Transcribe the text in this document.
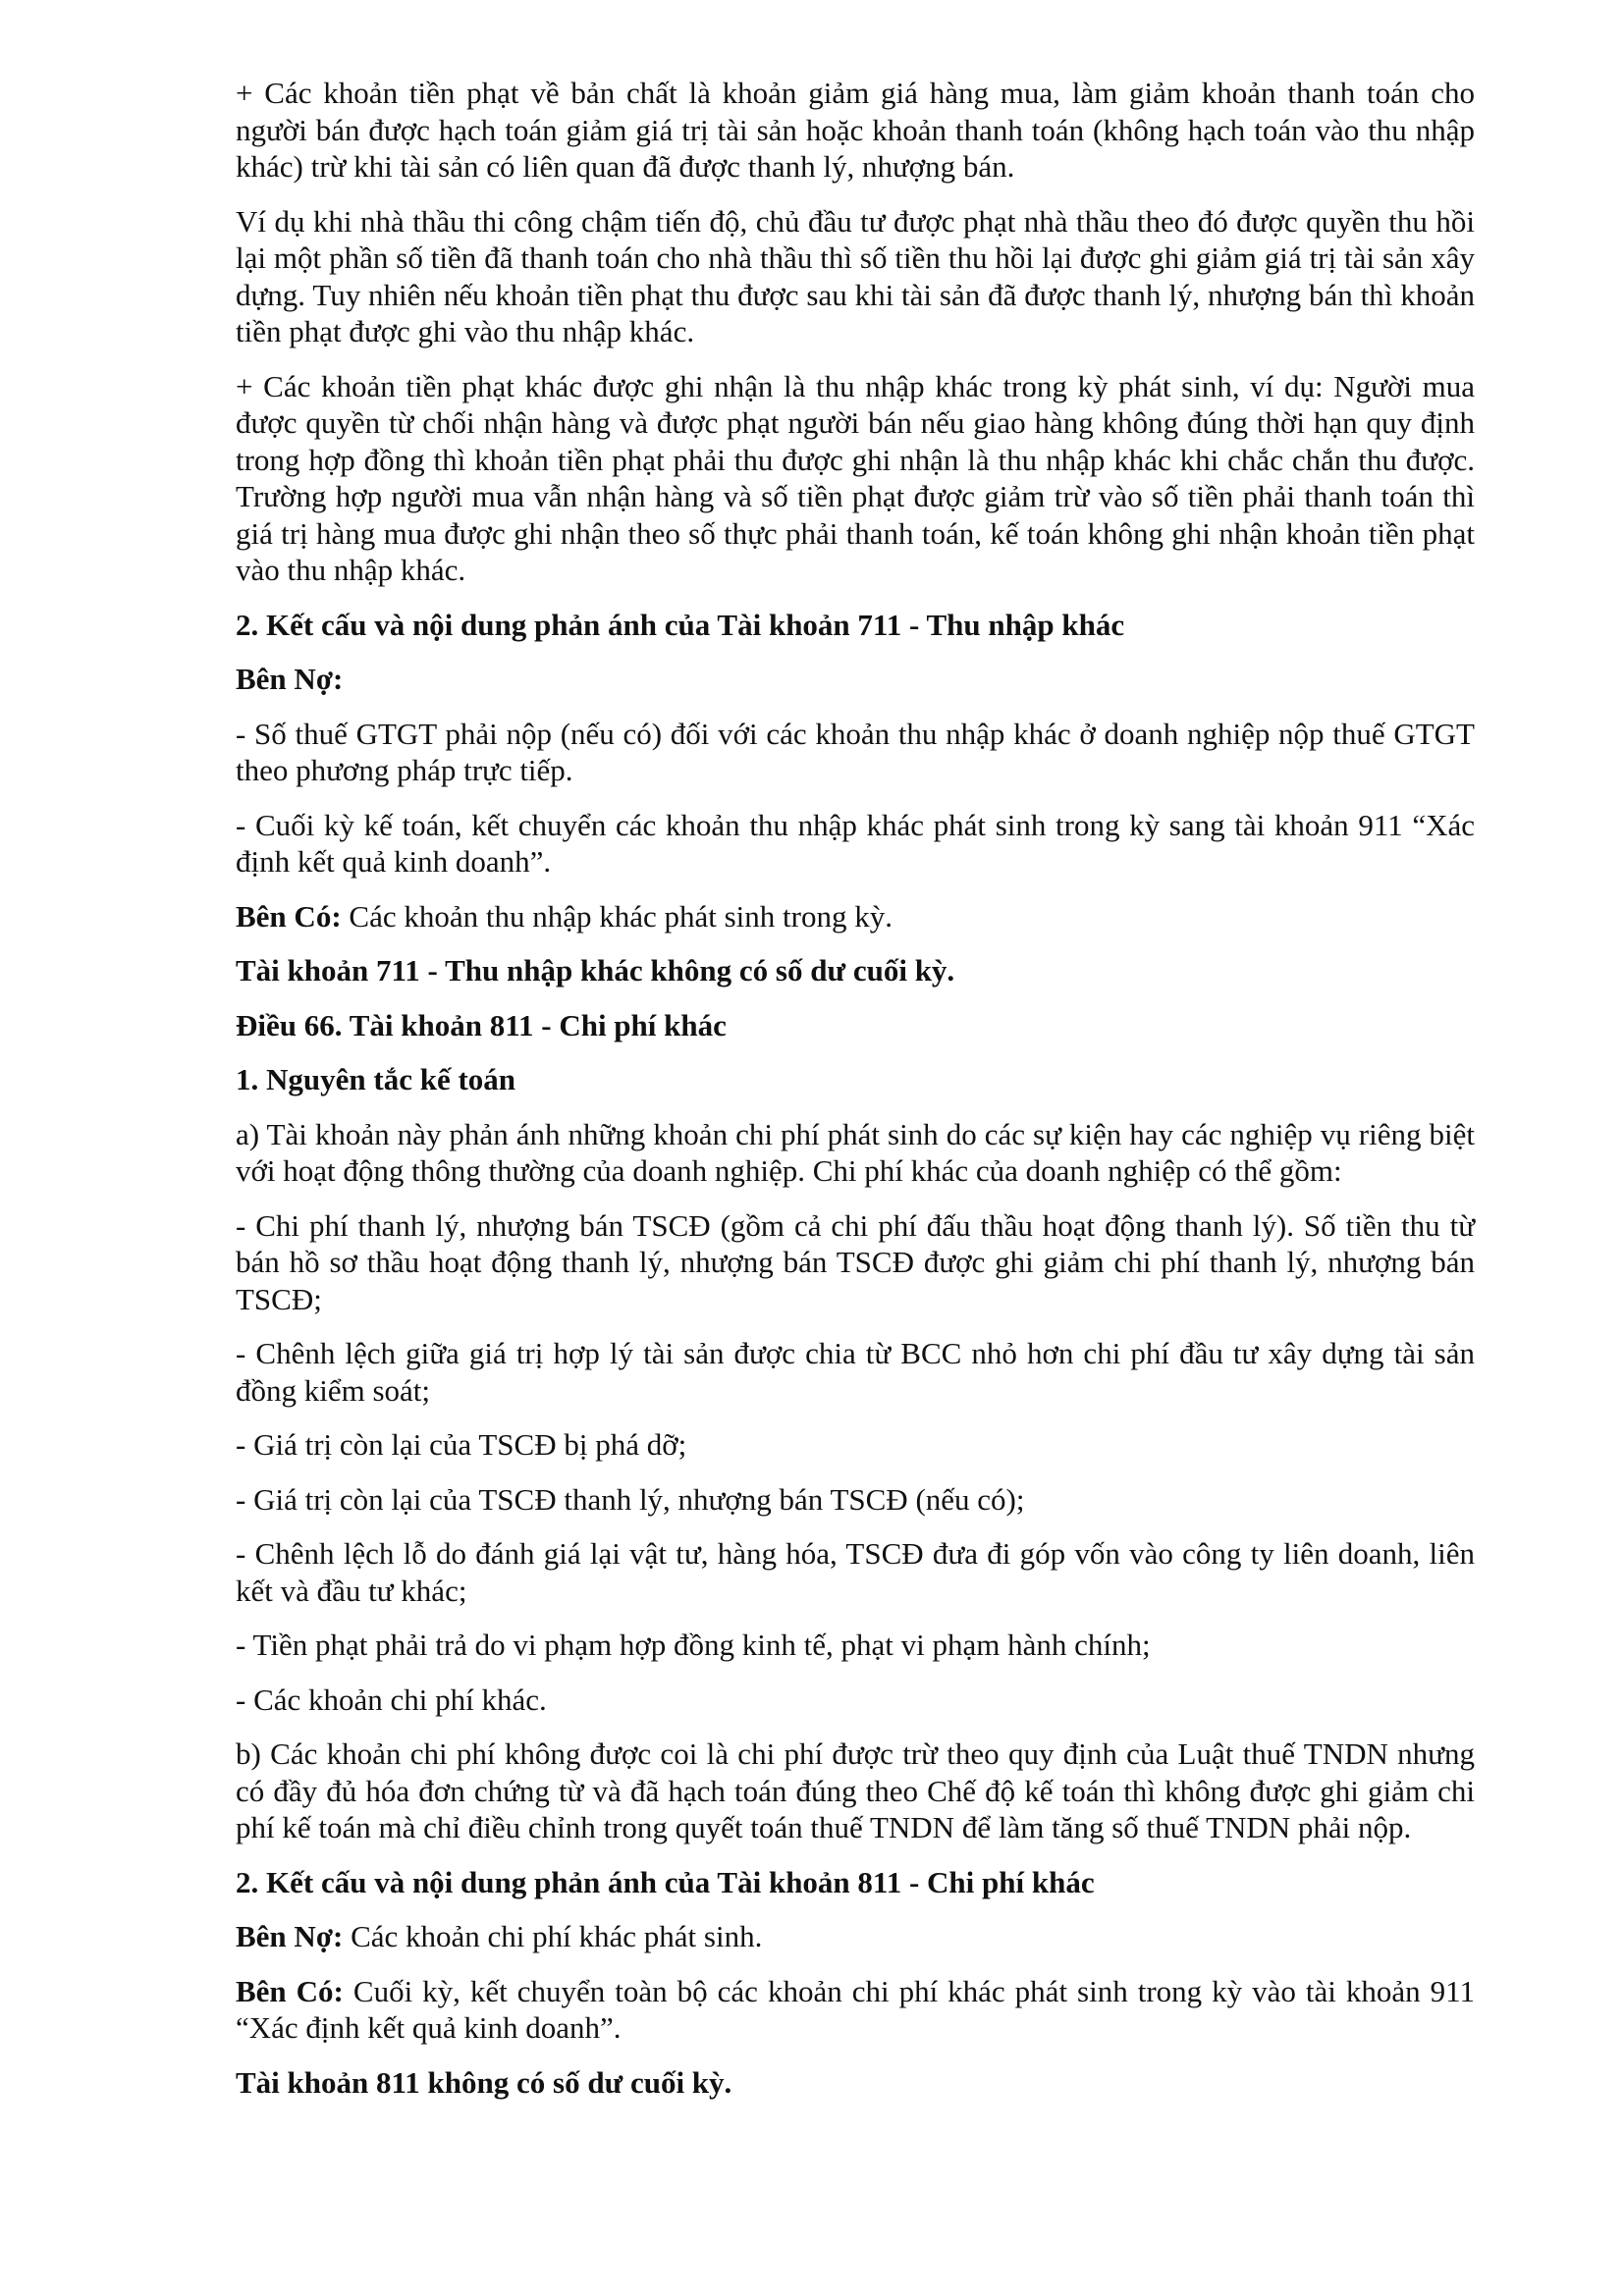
+ Các khoản tiền phạt về bản chất là khoản giảm giá hàng mua, làm giảm khoản thanh toán cho người bán được hạch toán giảm giá trị tài sản hoặc khoản thanh toán (không hạch toán vào thu nhập khác) trừ khi tài sản có liên quan đã được thanh lý, nhượng bán.

Ví dụ khi nhà thầu thi công chậm tiến độ, chủ đầu tư được phạt nhà thầu theo đó được quyền thu hồi lại một phần số tiền đã thanh toán cho nhà thầu thì số tiền thu hồi lại được ghi giảm giá trị tài sản xây dựng. Tuy nhiên nếu khoản tiền phạt thu được sau khi tài sản đã được thanh lý, nhượng bán thì khoản tiền phạt được ghi vào thu nhập khác.

+ Các khoản tiền phạt khác được ghi nhận là thu nhập khác trong kỳ phát sinh, ví dụ: Người mua được quyền từ chối nhận hàng và được phạt người bán nếu giao hàng không đúng thời hạn quy định trong hợp đồng thì khoản tiền phạt phải thu được ghi nhận là thu nhập khác khi chắc chắn thu được. Trường hợp người mua vẫn nhận hàng và số tiền phạt được giảm trừ vào số tiền phải thanh toán thì giá trị hàng mua được ghi nhận theo số thực phải thanh toán, kế toán không ghi nhận khoản tiền phạt vào thu nhập khác.

2. Kết cấu và nội dung phản ánh của Tài khoản 711 - Thu nhập khác

Bên Nợ:

- Số thuế GTGT phải nộp (nếu có) đối với các khoản thu nhập khác ở doanh nghiệp nộp thuế GTGT theo phương pháp trực tiếp.

- Cuối kỳ kế toán, kết chuyển các khoản thu nhập khác phát sinh trong kỳ sang tài khoản 911 “Xác định kết quả kinh doanh”.

Bên Có: Các khoản thu nhập khác phát sinh trong kỳ.

Tài khoản 711 - Thu nhập khác không có số dư cuối kỳ.

Điều 66. Tài khoản 811 - Chi phí khác

1. Nguyên tắc kế toán

a) Tài khoản này phản ánh những khoản chi phí phát sinh do các sự kiện hay các nghiệp vụ riêng biệt với hoạt động thông thường của doanh nghiệp. Chi phí khác của doanh nghiệp có thể gồm:

- Chi phí thanh lý, nhượng bán TSCĐ (gồm cả chi phí đấu thầu hoạt động thanh lý). Số tiền thu từ bán hồ sơ thầu hoạt động thanh lý, nhượng bán TSCĐ được ghi giảm chi phí thanh lý, nhượng bán TSCĐ;

- Chênh lệch giữa giá trị hợp lý tài sản được chia từ BCC nhỏ hơn chi phí đầu tư xây dựng tài sản đồng kiểm soát;

- Giá trị còn lại của TSCĐ bị phá dỡ;

- Giá trị còn lại của TSCĐ thanh lý, nhượng bán TSCĐ (nếu có);

- Chênh lệch lỗ do đánh giá lại vật tư, hàng hóa, TSCĐ đưa đi góp vốn vào công ty liên doanh, liên kết và đầu tư khác;

- Tiền phạt phải trả do vi phạm hợp đồng kinh tế, phạt vi phạm hành chính;

- Các khoản chi phí khác.

b) Các khoản chi phí không được coi là chi phí được trừ theo quy định của Luật thuế TNDN nhưng có đầy đủ hóa đơn chứng từ và đã hạch toán đúng theo Chế độ kế toán thì không được ghi giảm chi phí kế toán mà chỉ điều chỉnh trong quyết toán thuế TNDN để làm tăng số thuế TNDN phải nộp.

2. Kết cấu và nội dung phản ánh của Tài khoản 811 - Chi phí khác

Bên Nợ: Các khoản chi phí khác phát sinh.

Bên Có: Cuối kỳ, kết chuyển toàn bộ các khoản chi phí khác phát sinh trong kỳ vào tài khoản 911 “Xác định kết quả kinh doanh”.

Tài khoản 811 không có số dư cuối kỳ.
